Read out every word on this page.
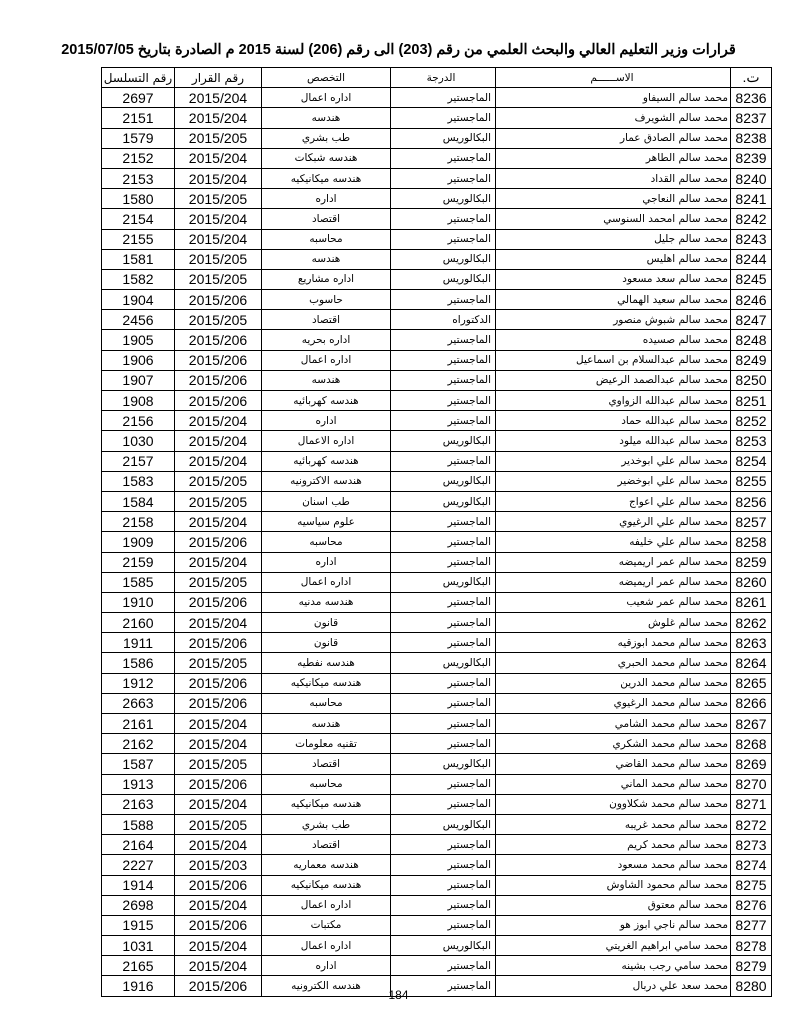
قرارات وزير التعليم العالي والبحث العلمي من رقم (203) الى رقم (206) لسنة 2015 م الصادرة بتاريخ 2015/07/05
ت.	الاســــــم	الدرجة	التخصص	رقم القرار	رقم التسلسل
8236	محمد سالم السيفاو	الماجستير	اداره اعمال	2015/204	2697
8237	محمد سالم الشويرف	الماجستير	هندسه	2015/204	2151
8238	محمد سالم الصادق عمار	البكالوريس	طب بشري	2015/205	1579
8239	محمد سالم الطاهر	الماجستير	هندسه شبكات	2015/204	2152
8240	محمد سالم القداد	الماجستير	هندسه ميكانيكيه	2015/204	2153
8241	محمد سالم النعاجي	البكالوريس	اداره	2015/205	1580
8242	محمد سالم امحمد السنوسي	الماجستير	اقتصاد	2015/204	2154
8243	محمد سالم جليل	الماجستير	محاسبه	2015/204	2155
8244	محمد سالم اهليس	البكالوريس	هندسه	2015/205	1581
8245	محمد سالم سعد مسعود	البكالوريس	اداره مشاريع	2015/205	1582
8246	محمد سالم سعيد الهمالي	الماجستير	حاسوب	2015/206	1904
8247	محمد سالم شبوش منصور	الدكتوراه	اقتصاد	2015/205	2456
8248	محمد سالم صسيده	الماجستير	اداره بحريه	2015/206	1905
8249	محمد سالم عبدالسلام بن اسماعيل	الماجستير	اداره اعمال	2015/206	1906
8250	محمد سالم عبدالصمد الرعيض	الماجستير	هندسه	2015/206	1907
8251	محمد سالم عبدالله الزواوي	الماجستير	هندسه كهربائيه	2015/206	1908
8252	محمد سالم عبدالله حماد	الماجستير	اداره	2015/204	2156
8253	محمد سالم عبدالله ميلود	البكالوريس	اداره الاعمال	2015/204	1030
8254	محمد سالم علي ابوخدير	الماجستير	هندسه كهربائيه	2015/204	2157
8255	محمد سالم علي ابوخضير	البكالوريس	هندسه الاكترونيه	2015/205	1583
8256	محمد سالم علي اعواج	البكالوريس	طب اسنان	2015/205	1584
8257	محمد سالم علي الرغيوي	الماجستير	علوم سياسيه	2015/204	2158
8258	محمد سالم علي خليفه	الماجستير	محاسبه	2015/206	1909
8259	محمد سالم عمر اريميضه	الماجستير	اداره	2015/204	2159
8260	محمد سالم عمر اريميضه	البكالوريس	اداره اعمال	2015/205	1585
8261	محمد سالم عمر شعيب	الماجستير	هندسه مدنيه	2015/206	1910
8262	محمد سالم غلوش	الماجستير	قانون	2015/204	2160
8263	محمد سالم محمد ابوزقيه	الماجستير	قانون	2015/206	1911
8264	محمد سالم محمد الحبري	البكالوريس	هندسه نفطيه	2015/205	1586
8265	محمد سالم محمد الدرين	الماجستير	هندسه ميكانيكيه	2015/206	1912
8266	محمد سالم محمد الرغيوي	الماجستير	محاسبه	2015/206	2663
8267	محمد سالم محمد الشامي	الماجستير	هندسه	2015/204	2161
8268	محمد سالم محمد الشكري	الماجستير	تقنيه معلومات	2015/204	2162
8269	محمد سالم محمد القاضي	البكالوريس	اقتصاد	2015/205	1587
8270	محمد سالم محمد الماني	الماجستير	محاسبه	2015/206	1913
8271	محمد سالم محمد شكلاوون	الماجستير	هندسه ميكانيكيه	2015/204	2163
8272	محمد سالم محمد غريبه	البكالوريس	طب بشري	2015/205	1588
8273	محمد سالم محمد كريم	الماجستير	اقتصاد	2015/204	2164
8274	محمد سالم محمد مسعود	الماجستير	هندسه معماريه	2015/203	2227
8275	محمد سالم محمود الشاوش	الماجستير	هندسه ميكانيكيه	2015/206	1914
8276	محمد سالم معتوق	الماجستير	اداره اعمال	2015/204	2698
8277	محمد سالم ناجي ابوز هو	الماجستير	مكتبات	2015/206	1915
8278	محمد سامي ابراهيم الغريتي	البكالوريس	اداره اعمال	2015/204	1031
8279	محمد سامي رجب بشينه	الماجستير	اداره	2015/204	2165
8280	محمد سعد علي دربال	الماجستير	هندسه الكترونيه	2015/206	1916
184
